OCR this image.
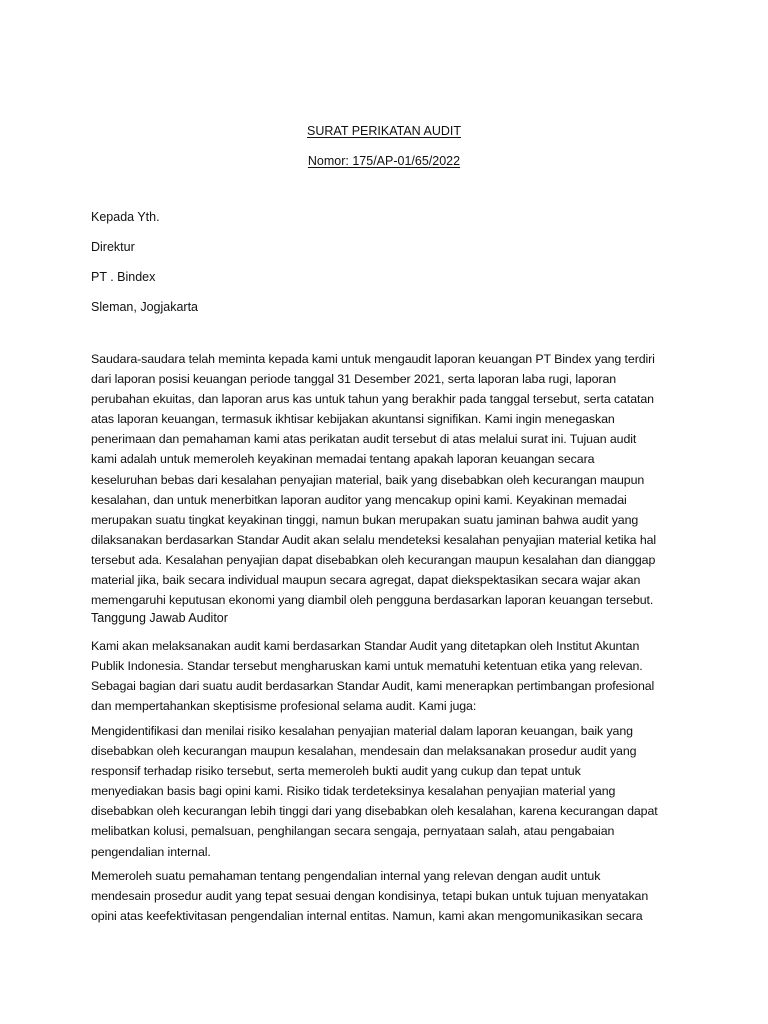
SURAT PERIKATAN AUDIT
Nomor: 175/AP-01/65/2022
Kepada Yth.
Direktur
PT . Bindex
Sleman, Jogjakarta
Saudara-saudara telah meminta kepada kami untuk mengaudit laporan keuangan PT Bindex yang terdiri
dari laporan posisi keuangan periode tanggal 31 Desember 2021, serta laporan laba rugi, laporan
perubahan ekuitas, dan laporan arus kas untuk tahun yang berakhir pada tanggal tersebut, serta catatan
atas laporan keuangan, termasuk ikhtisar kebijakan akuntansi signifikan. Kami ingin menegaskan
penerimaan dan pemahaman kami atas perikatan audit tersebut di atas melalui surat ini. Tujuan audit
kami adalah untuk memeroleh keyakinan memadai tentang apakah laporan keuangan secara
keseluruhan bebas dari kesalahan penyajian material, baik yang disebabkan oleh kecurangan maupun
kesalahan, dan untuk menerbitkan laporan auditor yang mencakup opini kami. Keyakinan memadai
merupakan suatu tingkat keyakinan tinggi, namun bukan merupakan suatu jaminan bahwa audit yang
dilaksanakan berdasarkan Standar Audit akan selalu mendeteksi kesalahan penyajian material ketika hal
tersebut ada. Kesalahan penyajian dapat disebabkan oleh kecurangan maupun kesalahan dan dianggap
material jika, baik secara individual maupun secara agregat, dapat diekspektasikan secara wajar akan
memengaruhi keputusan ekonomi yang diambil oleh pengguna berdasarkan laporan keuangan tersebut.
Tanggung Jawab Auditor
Kami akan melaksanakan audit kami berdasarkan Standar Audit yang ditetapkan oleh Institut Akuntan
Publik Indonesia. Standar tersebut mengharuskan kami untuk mematuhi ketentuan etika yang relevan.
Sebagai bagian dari suatu audit berdasarkan Standar Audit, kami menerapkan pertimbangan profesional
dan mempertahankan skeptisisme profesional selama audit. Kami juga:
Mengidentifikasi dan menilai risiko kesalahan penyajian material dalam laporan keuangan, baik yang
disebabkan oleh kecurangan maupun kesalahan, mendesain dan melaksanakan prosedur audit yang
responsif terhadap risiko tersebut, serta memeroleh bukti audit yang cukup dan tepat untuk
menyediakan basis bagi opini kami. Risiko tidak terdeteksinya kesalahan penyajian material yang
disebabkan oleh kecurangan lebih tinggi dari yang disebabkan oleh kesalahan, karena kecurangan dapat
melibatkan kolusi, pemalsuan, penghilangan secara sengaja, pernyataan salah, atau pengabaian
pengendalian internal.
Memeroleh suatu pemahaman tentang pengendalian internal yang relevan dengan audit untuk
mendesain prosedur audit yang tepat sesuai dengan kondisinya, tetapi bukan untuk tujuan menyatakan
opini atas keefektivitasan pengendalian internal entitas. Namun, kami akan mengomunikasikan secara
